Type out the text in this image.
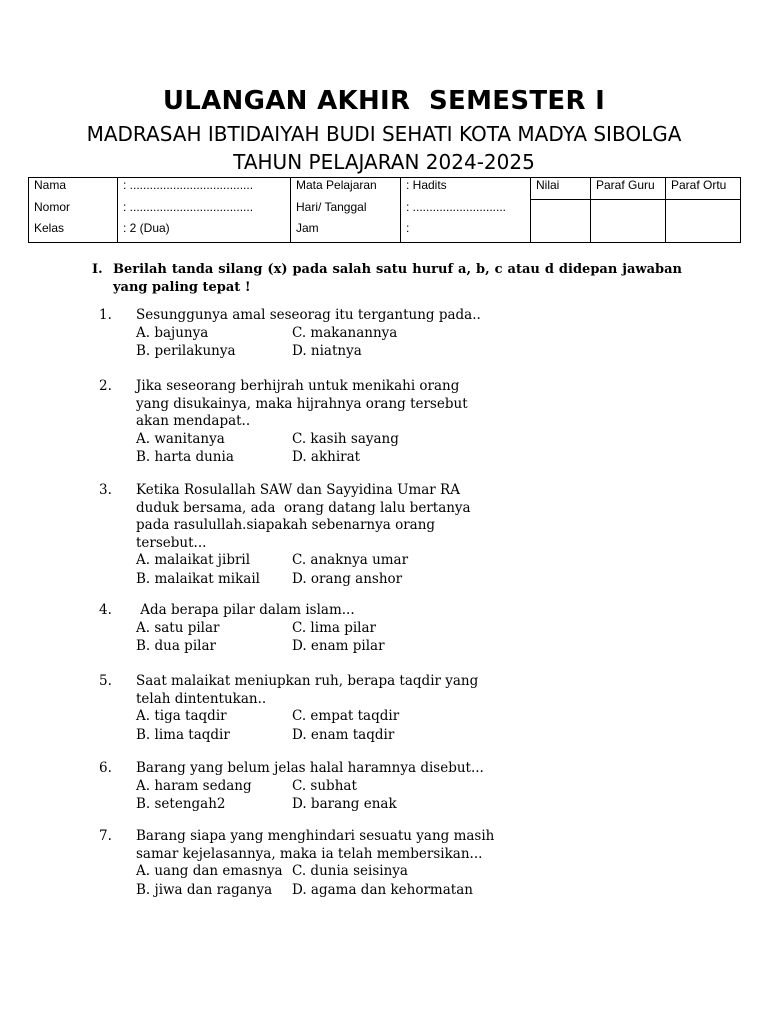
ULANGAN AKHIR  SEMESTER I
MADRASAH IBTIDAIYAH BUDI SEHATI KOTA MADYA SIBOLGA
TAHUN PELAJARAN 2024-2025
Nama	: .....................................	Mata Pelajaran	: Hadits	Nilai	Paraf Guru	Paraf Ortu
Nomor	: .....................................	Hari/ Tanggal	: ............................			
Kelas	: 2 (Dua)	Jam	:			
I. Berilah tanda silang (x) pada salah satu huruf a, b, c atau d didepan jawaban yang paling tepat !
1. Sesunggunya amal seseorag itu tergantung pada..
A. bajunya	C. makanannya
B. perilakunya	D. niatnya
2. Jika seseorang berhijrah untuk menikahi orang
yang disukainya, maka hijrahnya orang tersebut
akan mendapat..
A. wanitanya	C. kasih sayang
B. harta dunia	D. akhirat
3. Ketika Rosulallah SAW dan Sayyidina Umar RA
duduk bersama, ada  orang datang lalu bertanya
pada rasulullah.siapakah sebenarnya orang
tersebut...
A. malaikat jibril	C. anaknya umar
B. malaikat mikail D. orang anshor
4. Ada berapa pilar dalam islam...
A. satu pilar	C. lima pilar
B. dua pilar	D. enam pilar
5. Saat malaikat meniupkan ruh, berapa taqdir yang
telah dintentukan..
A. tiga taqdir	C. empat taqdir
B. lima taqdir	D. enam taqdir
6. Barang yang belum jelas halal haramnya disebut...
A. haram sedang	C. subhat
B. setengah2	D. barang enak
7. Barang siapa yang menghindari sesuatu yang masih
samar kejelasannya, maka ia telah membersikan...
A. uang dan emasnya C. dunia seisinya
B. jiwa dan raganya D. agama dan kehormatan
